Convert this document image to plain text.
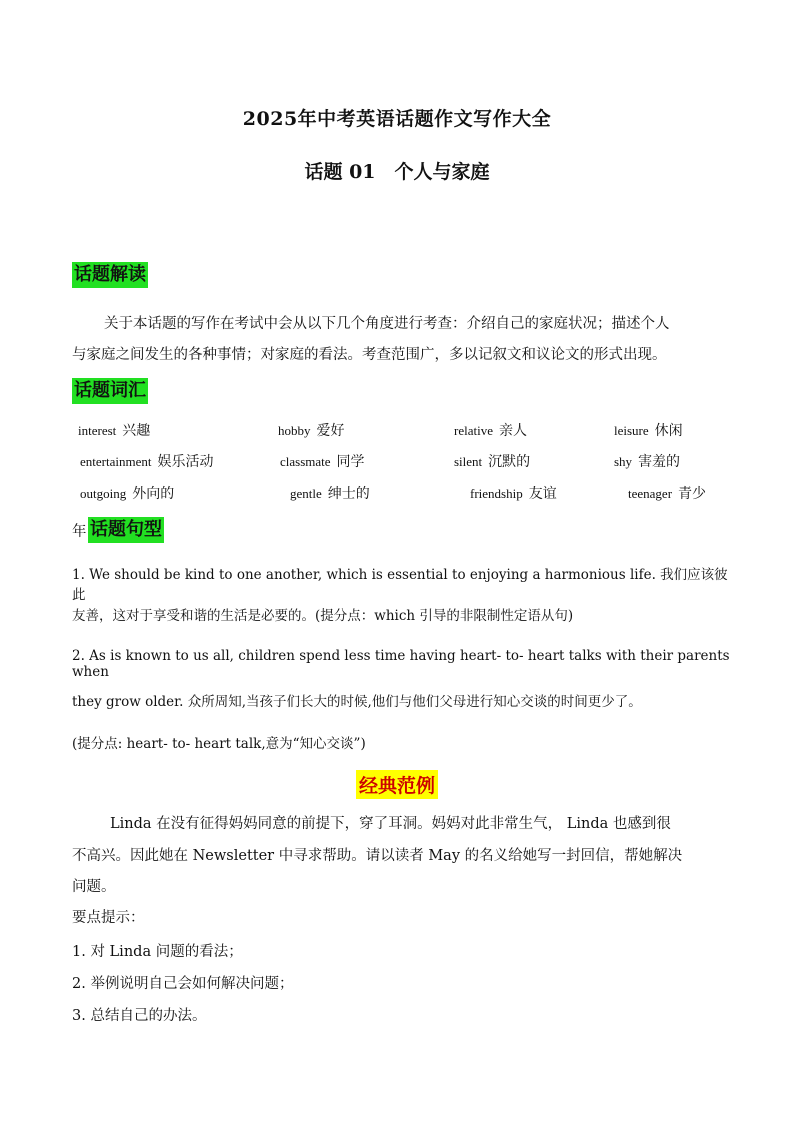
2025年中考英语话题作文写作大全
话题 01　个人与家庭
话题解读
关于本话题的写作在考试中会从以下几个角度进行考查：介绍自己的家庭状况；描述个人
与家庭之间发生的各种事情；对家庭的看法。考查范围广，多以记叙文和议论文的形式出现。
话题词汇
interest 兴趣	hobby 爱好	relative 亲人	leisure 休闲
entertainment 娱乐活动	classmate 同学	silent 沉默的	shy 害羞的
outgoing 外向的	gentle 绅士的	friendship 友谊	teenager 青少
年 话题句型
1. We should be kind to one another, which is essential to enjoying a harmonious life. 我们应该彼此
友善，这对于享受和谐的生活是必要的。(提分点：which 引导的非限制性定语从句)
2. As is known to us all, children spend less time having heart- to- heart talks with their parents when
they grow older. 众所周知,当孩子们长大的时候,他们与他们父母进行知心交谈的时间更少了。
(提分点: heart- to- heart talk,意为“知心交谈”)
经典范例
Linda 在没有征得妈妈同意的前提下，穿了耳洞。妈妈对此非常生气， Linda 也感到很
不高兴。因此她在 Newsletter 中寻求帮助。请以读者 May 的名义给她写一封回信，帮她解决
问题。
要点提示：
1. 对 Linda 问题的看法；
2. 举例说明自己会如何解决问题；
3. 总结自己的办法。
